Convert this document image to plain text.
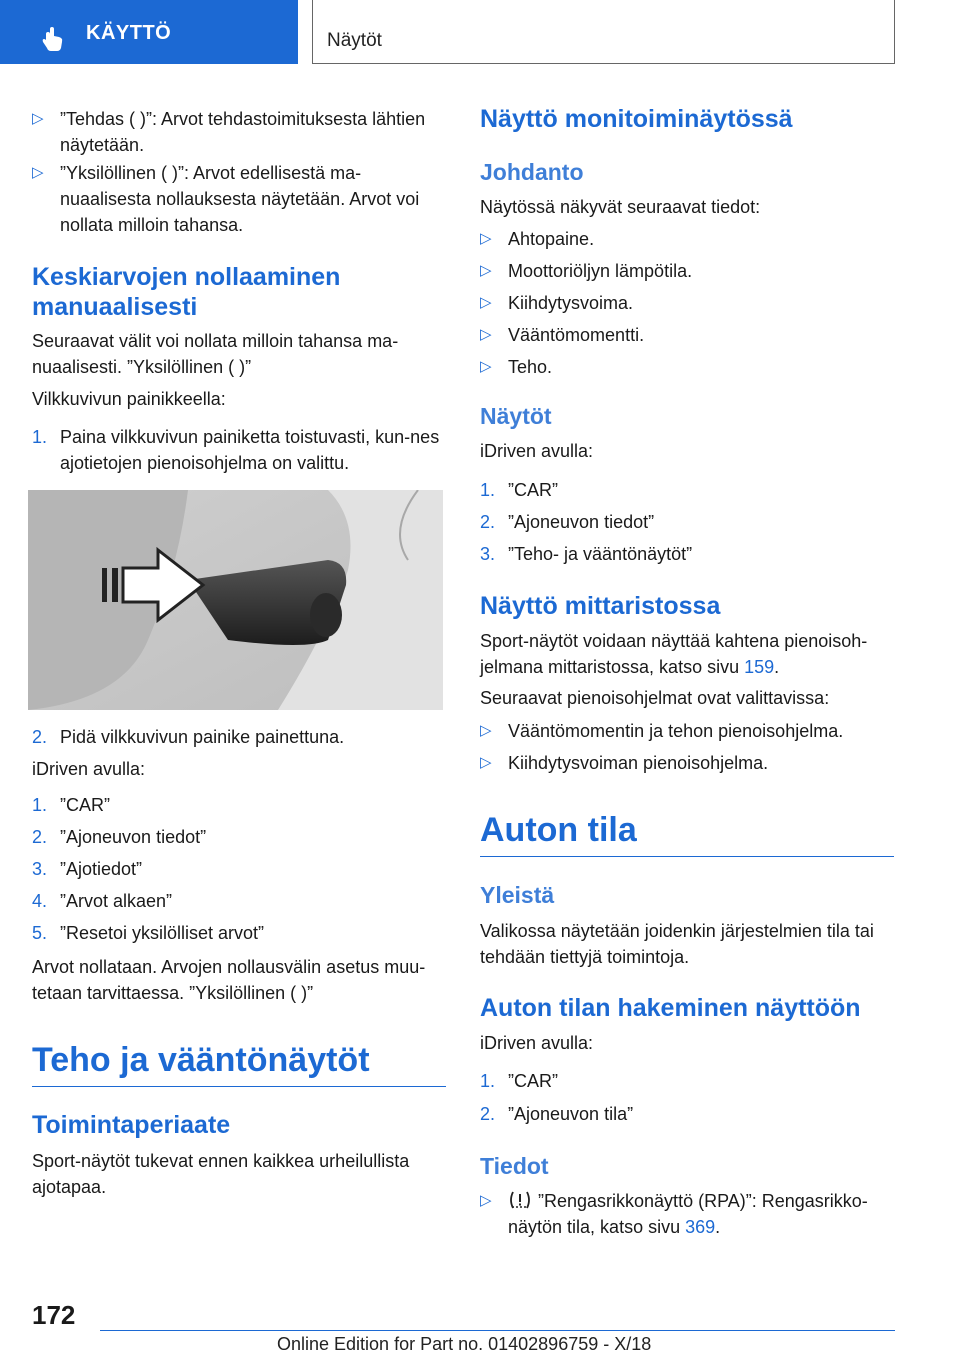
KÄYTTÖ	Näytöt
▷ ”Tehdas ( )”: Arvot tehdastoimituksesta lähtien näytetään.
▷ ”Yksilöllinen ( )”: Arvot edellisestä ma-nuaalisesta nollauksesta näytetään. Arvot voi nollata milloin tahansa.
Keskiarvojen nollaaminen manuaalisesti

Seuraavat välit voi nollata milloin tahansa ma-nuaalisesti. ”Yksilöllinen ( )”

Vilkkuvivun painikkeella:

1. Paina vilkkuvivun painiketta toistuvasti, kun-nes ajotietojen pienoisohjelma on valittu.
2. Pidä vilkkuvivun painike painettuna.

iDriven avulla:

1. ”CAR”
2. ”Ajoneuvon tiedot”
3. ”Ajotiedot”
4. ”Arvot alkaen”
5. ”Resetoi yksilölliset arvot”

Arvot nollataan. Arvojen nollausvälin asetus muu-tetaan tarvittaessa. ”Yksilöllinen ( )”

Teho ja vääntönäytöt
Toimintaperiaate

Sport-näytöt tukevat ennen kaikkea urheilullista ajotapaa.

Näyttö monitoiminäytössä
Johdanto

Näytössä näkyvät seuraavat tiedot:

▷ Ahtopaine.
▷ Moottoriöljyn lämpötila.
▷ Kiihdytysvoima.
▷ Vääntömomentti.
▷ Teho.
Näytöt

iDriven avulla:

1. ”CAR”
2. ”Ajoneuvon tiedot”
3. ”Teho- ja vääntönäytöt”
Näyttö mittaristossa

Sport-näytöt voidaan näyttää kahtena pienoisoh-jelmana mittaristossa, katso sivu 159.

Seuraavat pienoisohjelmat ovat valittavissa:

▷ Vääntömomentin ja tehon pienoisohjelma.
▷ Kiihdytysvoiman pienoisohjelma.
Auton tila
Yleistä

Valikossa näytetään joidenkin järjestelmien tila tai tehdään tiettyjä toimintoja.

Auton tilan hakeminen näyttöön

iDriven avulla:

1. ”CAR”
2. ”Ajoneuvon tila”
Tiedot
▷	”Rengasrikkonäyttö (RPA)”: Rengasrikko-näytön tila, katso sivu 369.
172
Online Edition for Part no. 01402896759 - X/18
